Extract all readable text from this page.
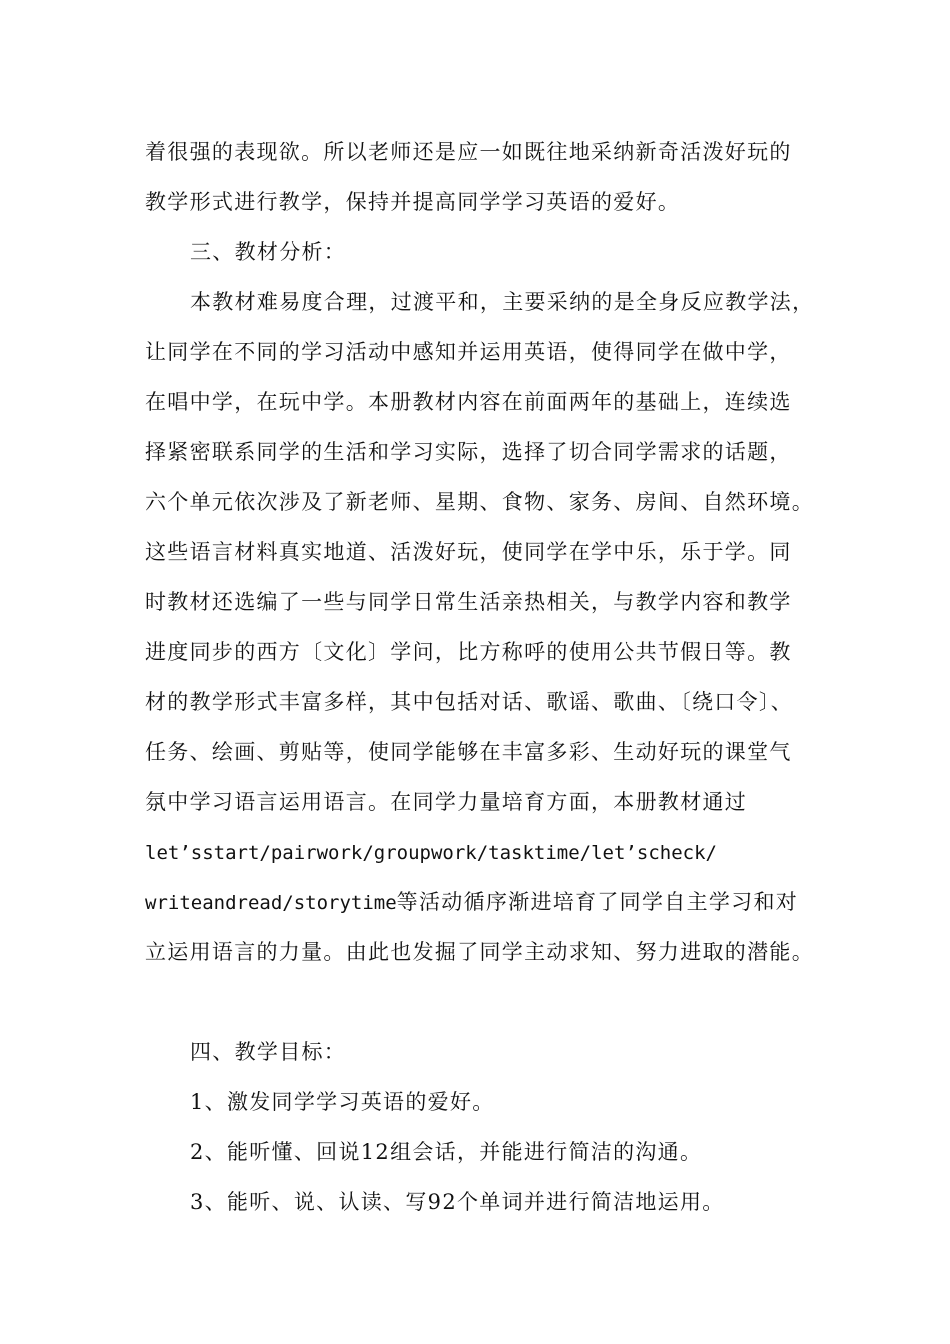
着很强的表现欲。所以老师还是应一如既往地采纳新奇活泼好玩的
教学形式进行教学，保持并提高同学学习英语的爱好。
三、教材分析：
本教材难易度合理，过渡平和，主要采纳的是全身反应教学法，
让同学在不同的学习活动中感知并运用英语，使得同学在做中学，
在唱中学，在玩中学。本册教材内容在前面两年的基础上，连续选
择紧密联系同学的生活和学习实际，选择了切合同学需求的话题，
六个单元依次涉及了新老师、星期、食物、家务、房间、自然环境。
这些语言材料真实地道、活泼好玩，使同学在学中乐，乐于学。同
时教材还选编了一些与同学日常生活亲热相关，与教学内容和教学
进度同步的西方〔文化〕学问，比方称呼的使用公共节假日等。教
材的教学形式丰富多样，其中包括对话、歌谣、歌曲、〔绕口令〕、
任务、绘画、剪贴等，使同学能够在丰富多彩、生动好玩的课堂气
氛中学习语言运用语言。在同学力量培育方面，本册教材通过
let’sstart/pairwork/groupwork/tasktime/let’scheck/
writeandread/storytime等活动循序渐进培育了同学自主学习和对
立运用语言的力量。由此也发掘了同学主动求知、努力进取的潜能。
四、教学目标：
1、激发同学学习英语的爱好。
2、能听懂、回说12组会话，并能进行简洁的沟通。
3、能听、说、认读、写92个单词并进行简洁地运用。
